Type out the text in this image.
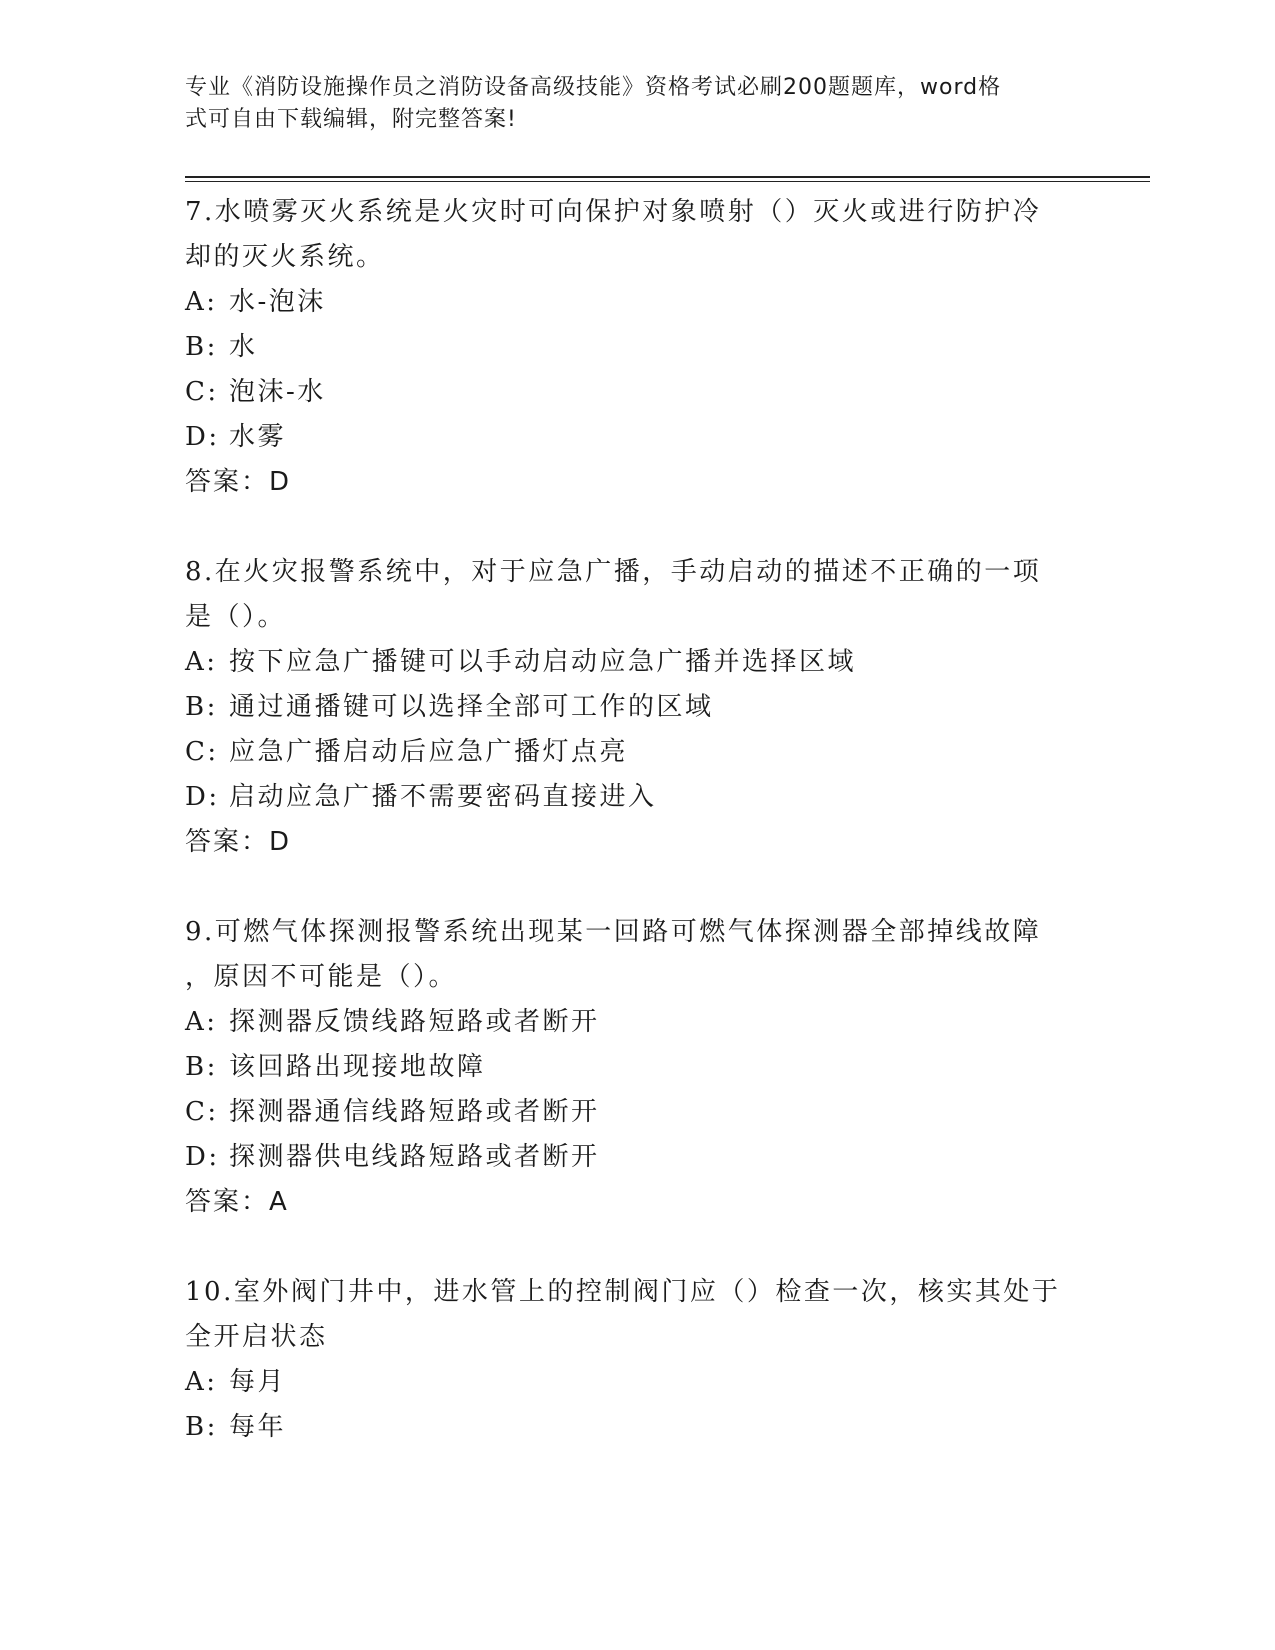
专业《消防设施操作员之消防设备高级技能》资格考试必刷200题题库，word格
式可自由下载编辑，附完整答案!

7.水喷雾灭火系统是火灾时可向保护对象喷射（）灭火或进行防护冷

却的灭火系统。

A: 水-泡沫

B: 水

C: 泡沫-水

D: 水雾

答案：D

8.在火灾报警系统中，对于应急广播，手动启动的描述不正确的一项

是（）。

A: 按下应急广播键可以手动启动应急广播并选择区域

B: 通过通播键可以选择全部可工作的区域

C: 应急广播启动后应急广播灯点亮

D: 启动应急广播不需要密码直接进入

答案：D

9.可燃气体探测报警系统出现某一回路可燃气体探测器全部掉线故障

，原因不可能是（）。

A: 探测器反馈线路短路或者断开

B: 该回路出现接地故障

C: 探测器通信线路短路或者断开

D: 探测器供电线路短路或者断开

答案：A

10.室外阀门井中，进水管上的控制阀门应（）检查一次，核实其处于

全开启状态

A: 每月

B: 每年
